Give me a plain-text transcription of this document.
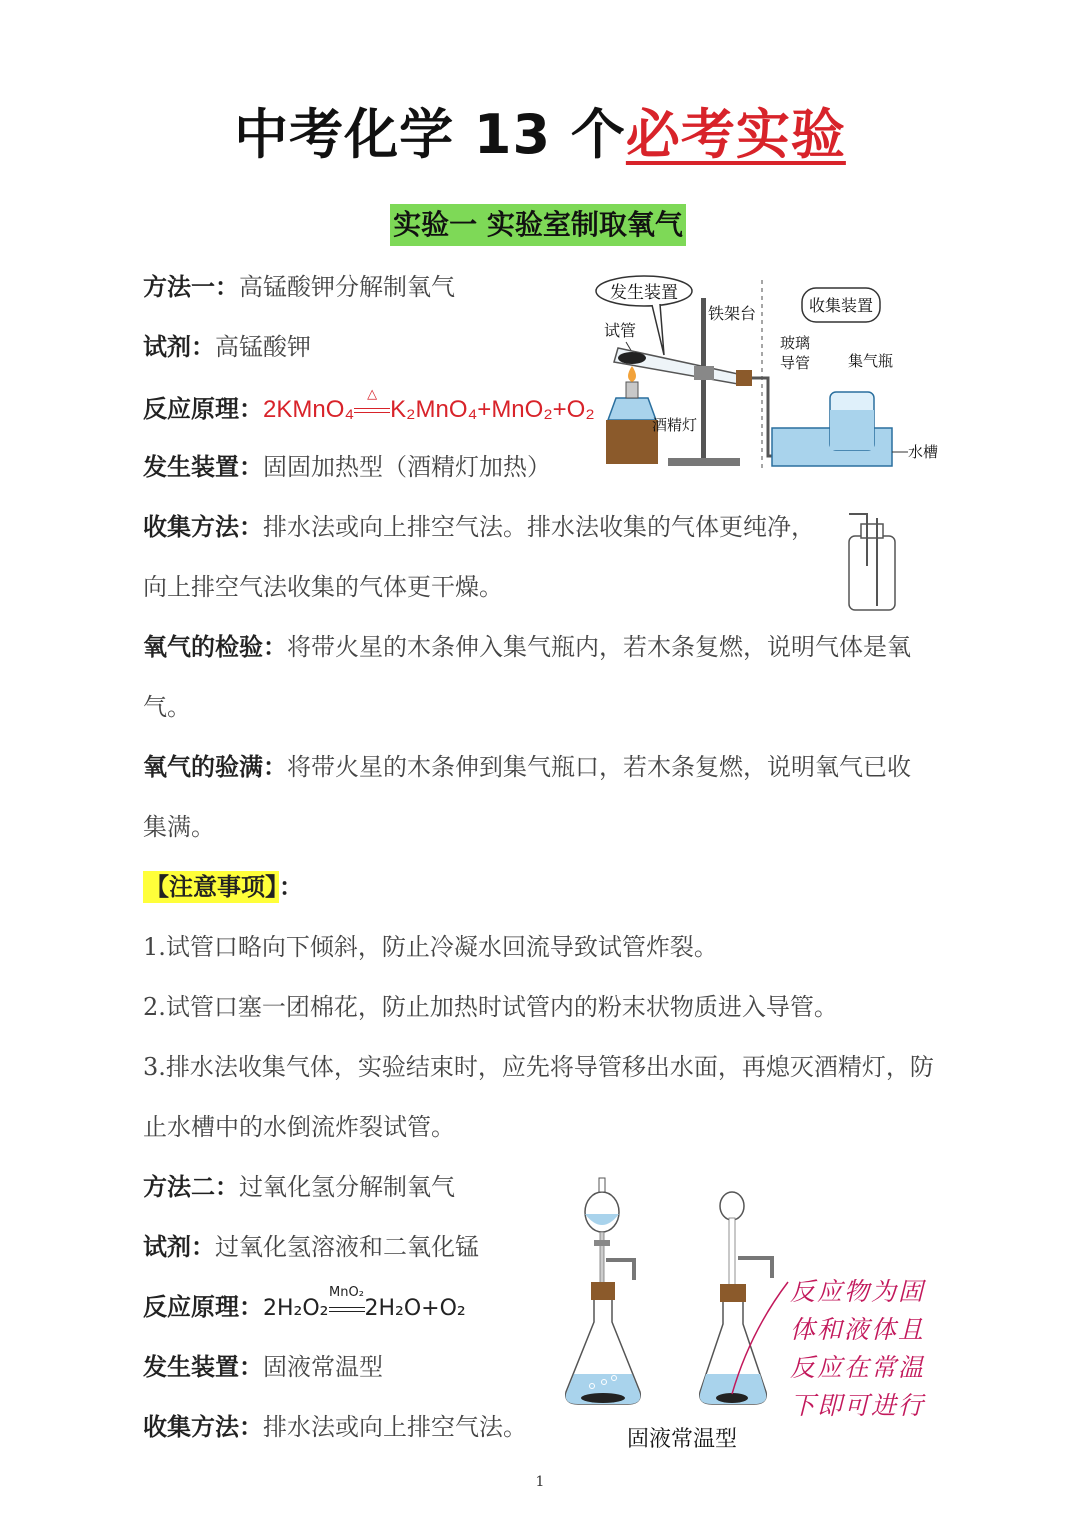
中考化学 13 个必考实验
实验一 实验室制取氧气
方法一：高锰酸钾分解制氧气
试剂：高锰酸钾
反应原理：2KMnO₄
△
K₂MnO₄+MnO₂+O₂
发生装置：固固加热型（酒精灯加热）
收集方法：排水法或向上排空气法。排水法收集的气体更纯净，
向上排空气法收集的气体更干燥。
氧气的检验：将带火星的木条伸入集气瓶内，若木条复燃，说明气体是氧
气。
氧气的验满：将带火星的木条伸到集气瓶口，若木条复燃，说明氧气已收
集满。
发生装置
试管
铁架台
酒精灯
收集装置
玻璃
导管	集气瓶
水槽
【注意事项】：
1.试管口略向下倾斜，防止冷凝水回流导致试管炸裂。
2.试管口塞一团棉花，防止加热时试管内的粉末状物质进入导管。
3.排水法收集气体，实验结束时，应先将导管移出水面，再熄灭酒精灯，防
止水槽中的水倒流炸裂试管。
方法二：过氧化氢分解制氧气
试剂：过氧化氢溶液和二氧化锰
反应原理：2H₂O₂
MnO₂
2H₂O+O₂
发生装置：固液常温型
收集方法：排水法或向上排空气法。	固液常温型
反应物为固
体和液体且
反应在常温
下即可进行
1
